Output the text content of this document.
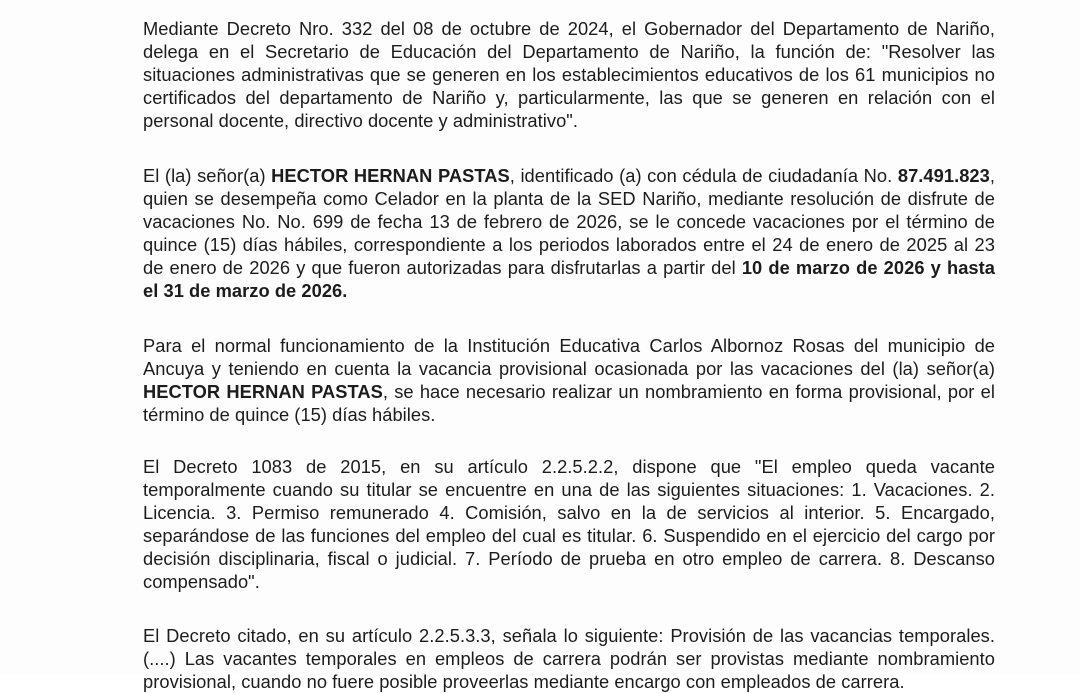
Mediante Decreto Nro. 332 del 08 de octubre de 2024, el Gobernador del Departamento de Nariño, delega en el Secretario de Educación del Departamento de Nariño, la función de: "Resolver las situaciones administrativas que se generen en los establecimientos educativos de los 61 municipios no certificados del departamento de Nariño y, particularmente, las que se generen en relación con el personal docente, directivo docente y administrativo".

El (la) señor(a) HECTOR HERNAN PASTAS, identificado (a) con cédula de ciudadanía No. 87.491.823, quien se desempeña como Celador en la planta de la SED Nariño, mediante resolución de disfrute de vacaciones No. No. 699 de fecha 13 de febrero de 2026, se le concede vacaciones por el término de quince (15) días hábiles, correspondiente a los periodos laborados entre el 24 de enero de 2025 al 23 de enero de 2026 y que fueron autorizadas para disfrutarlas a partir del 10 de marzo de 2026 y hasta el 31 de marzo de 2026.

Para el normal funcionamiento de la Institución Educativa Carlos Albornoz Rosas del municipio de Ancuya y teniendo en cuenta la vacancia provisional ocasionada por las vacaciones del (la) señor(a) HECTOR HERNAN PASTAS, se hace necesario realizar un nombramiento en forma provisional, por el término de quince (15) días hábiles.

El Decreto 1083 de 2015, en su artículo 2.2.5.2.2, dispone que "El empleo queda vacante temporalmente cuando su titular se encuentre en una de las siguientes situaciones: 1. Vacaciones. 2. Licencia. 3. Permiso remunerado 4. Comisión, salvo en la de servicios al interior. 5. Encargado, separándose de las funciones del empleo del cual es titular. 6. Suspendido en el ejercicio del cargo por decisión disciplinaria, fiscal o judicial. 7. Período de prueba en otro empleo de carrera. 8. Descanso compensado".

El Decreto citado, en su artículo 2.2.5.3.3, señala lo siguiente: Provisión de las vacancias temporales. (....) Las vacantes temporales en empleos de carrera podrán ser provistas mediante nombramiento provisional, cuando no fuere posible proveerlas mediante encargo con empleados de carrera.
